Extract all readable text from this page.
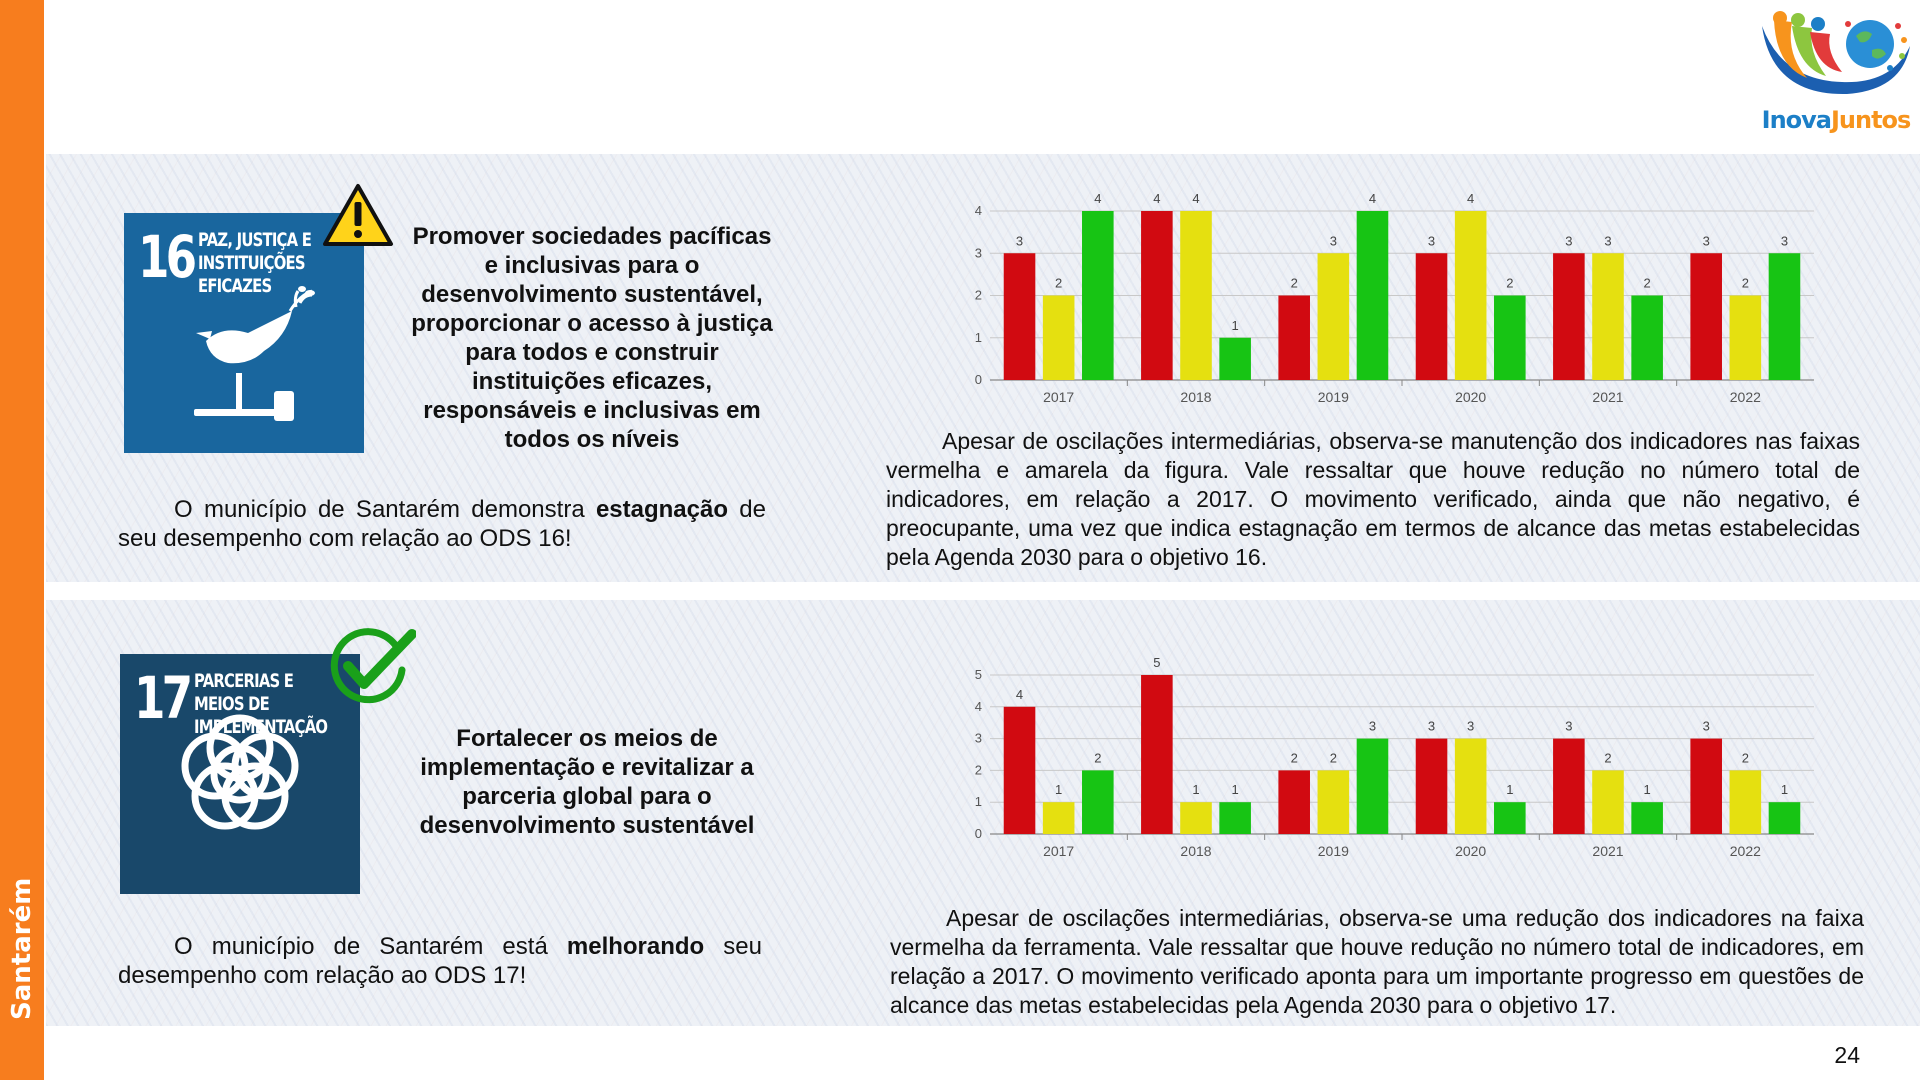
Santarém
InovaJuntos
16 PAZ, JUSTIÇA E INSTITUIÇÕES EFICAZES
Promover sociedades pacíficas e inclusivas para o desenvolvimento sustentável, proporcionar o acesso à justiça para todos e construir instituições eficazes, responsáveis e inclusivas em todos os níveis
O município de Santarém demonstra estagnação de seu desempenho com relação ao ODS 16!
0
1
2
3
4
3
2
4
2017
4 4
1
2018
2
3
4
2019
3
4
2
2020
3 3
2
2021
3
2
3
2022
Apesar de oscilações intermediárias, observa-se manutenção dos indicadores nas faixas vermelha e amarela da figura. Vale ressaltar que houve redução no número total de indicadores, em relação a 2017. O movimento verificado, ainda que não negativo, é preocupante, uma vez que indica estagnação em termos de alcance das metas estabelecidas pela Agenda 2030 para o objetivo 16.
17 PARCERIAS E MEIOS DE IMPLEMENTAÇÃO	Fortalecer os meios de implementação e revitalizar a parceria global para o desenvolvimento sustentável
O município de Santarém está melhorando seu desempenho com relação ao ODS 17!
0
1
2
3
4
5
4
1
2
2017
5
1 1
2018
2 2
3
2019
3 3
1
2020
3
2
1
2021
3
2
1
2022
Apesar de oscilações intermediárias, observa-se uma redução dos indicadores na faixa vermelha da ferramenta. Vale ressaltar que houve redução no número total de indicadores, em relação a 2017. O movimento verificado aponta para um importante progresso em questões de alcance das metas estabelecidas pela Agenda 2030 para o objetivo 17.
24
